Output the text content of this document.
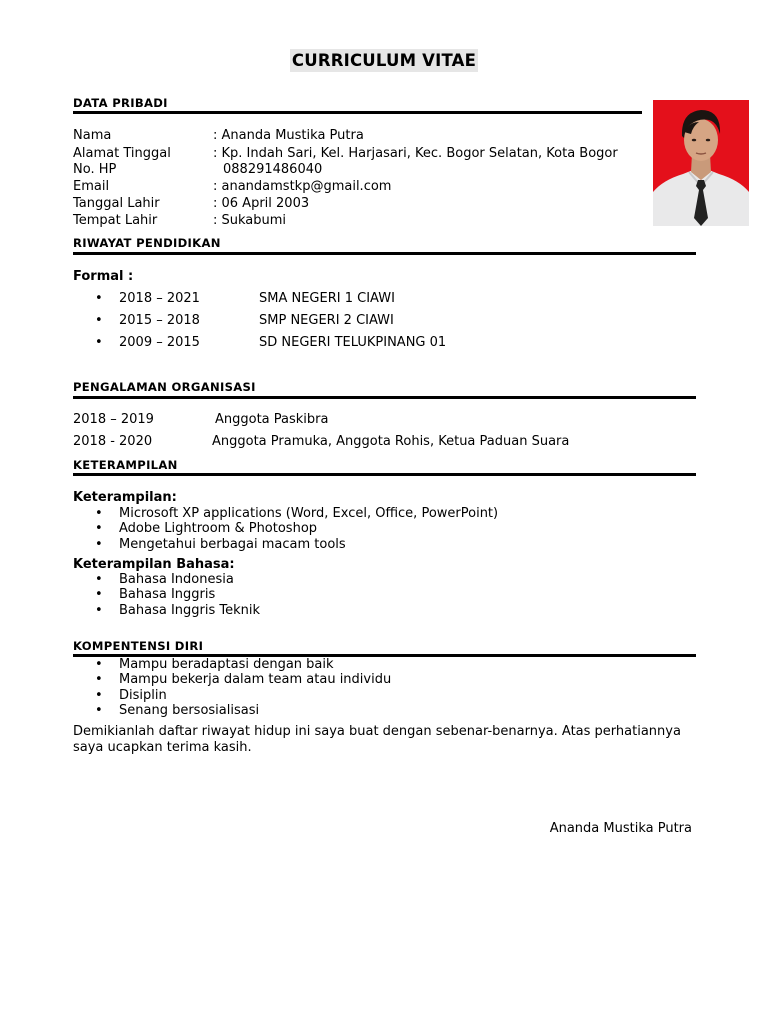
CURRICULUM VITAE
DATA PRIBADI
Nama	: Ananda Mustika Putra
Alamat Tinggal	: Kp. Indah Sari, Kel. Harjasari, Kec. Bogor Selatan, Kota Bogor
No. HP	088291486040
Email	: anandamstkp@gmail.com
Tanggal Lahir	: 06 April 2003
Tempat Lahir	: Sukabumi
RIWAYAT PENDIDIKAN
Formal :
• 2018 – 2021	SMA NEGERI 1 CIAWI
• 2015 – 2018	SMP NEGERI 2 CIAWI
• 2009 – 2015	SD NEGERI TELUKPINANG 01
PENGALAMAN ORGANISASI
2018 – 2019	Anggota Paskibra
2018 - 2020	Anggota Pramuka, Anggota Rohis, Ketua Paduan Suara
KETERAMPILAN
Keterampilan:
• Microsoft XP applications (Word, Excel, Office, PowerPoint)
• Adobe Lightroom & Photoshop
• Mengetahui berbagai macam tools
Keterampilan Bahasa:
• Bahasa Indonesia
• Bahasa Inggris
• Bahasa Inggris Teknik
KOMPENTENSI DIRI
• Mampu beradaptasi dengan baik
• Mampu bekerja dalam team atau individu
• Disiplin
• Senang bersosialisasi
Demikianlah daftar riwayat hidup ini saya buat dengan sebenar-benarnya. Atas perhatiannya
saya ucapkan terima kasih.
Ananda Mustika Putra
